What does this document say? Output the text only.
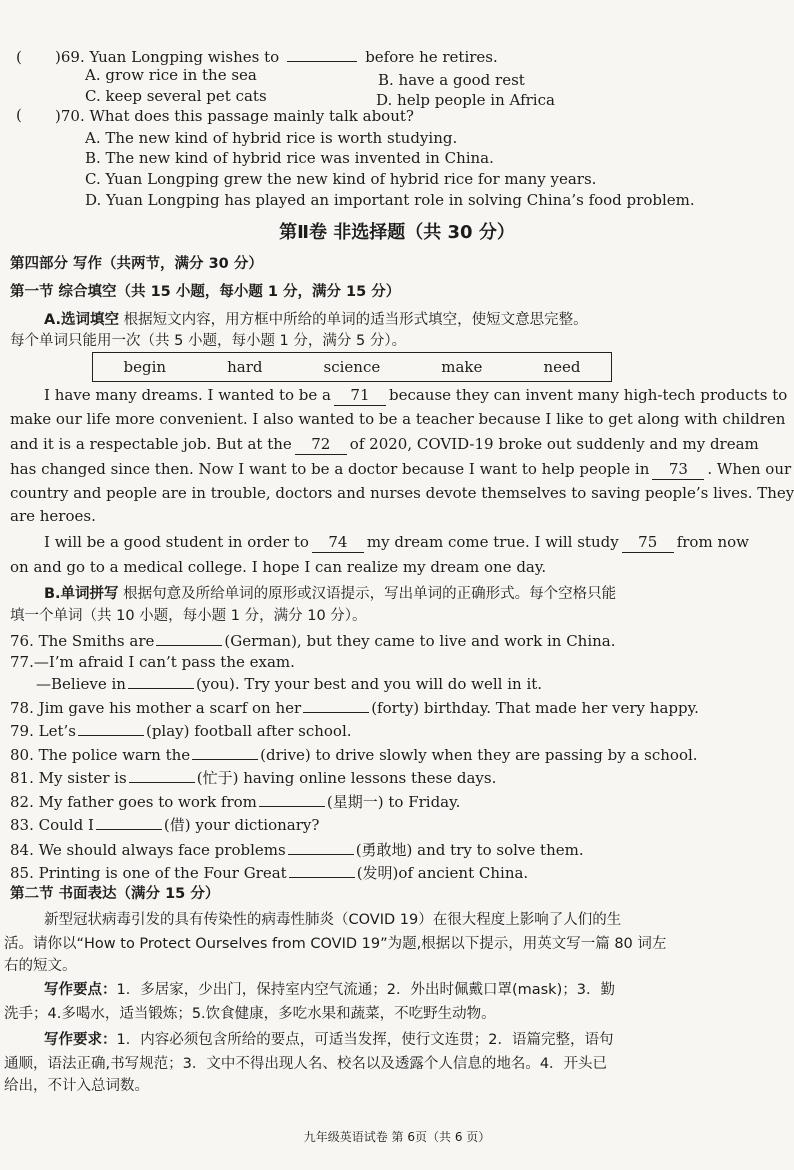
( )69. Yuan Longping wishes to	before he retires.
A. grow rice in the sea	B. have a good rest
C. keep several pet cats	D. help people in Africa
( )70. What does this passage mainly talk about?
A. The new kind of hybrid rice is worth studying.
B. The new kind of hybrid rice was invented in China.
C. Yuan Longping grew the new kind of hybrid rice for many years.
D. Yuan Longping has played an important role in solving China’s food problem.
第Ⅱ卷 非选择题（共 30 分）
第四部分 写作（共两节，满分 30 分）
第一节 综合填空（共 15 小题，每小题 1 分，满分 15 分）
A.选词填空 根据短文内容，用方框中所给的单词的适当形式填空，使短文意思完整。
每个单词只能用一次（共 5 小题，每小题 1 分，满分 5 分）。
begin	hard	science	make	need
I have many dreams. I wanted to be a 71 because they can invent many high-tech products to
make our life more convenient. I also wanted to be a teacher because I like to get along with children
and it is a respectable job. But at the 72 of 2020, COVID-19 broke out suddenly and my dream
has changed since then. Now I want to be a doctor because I want to help people in 73 . When our
country and people are in trouble, doctors and nurses devote themselves to saving people’s lives. They
are heroes.
I will be a good student in order to 74 my dream come true. I will study 75 from now
on and go to a medical college. I hope I can realize my dream one day.
B.单词拼写 根据句意及所给单词的原形或汉语提示，写出单词的正确形式。每个空格只能
填一个单词（共 10 小题，每小题 1 分，满分 10 分）。
76. The Smiths are	(German), but they came to live and work in China.
77.—I’m afraid I can’t pass the exam.
—Believe in	(you). Try your best and you will do well in it.
78. Jim gave his mother a scarf on her	(forty) birthday. That made her very happy.
79. Let’s	(play) football after school.
80. The police warn the	(drive) to drive slowly when they are passing by a school.
81. My sister is	(忙于) having online lessons these days.
82. My father goes to work from	(星期一) to Friday.
83. Could I	(借) your dictionary?
84. We should always face problems	(勇敢地) and try to solve them.
85. Printing is one of the Four Great	(发明)of ancient China.
第二节 书面表达（满分 15 分）
新型冠状病毒引发的具有传染性的病毒性肺炎（COVID 19）在很大程度上影响了人们的生
活。请你以“How to Protect Ourselves from COVID 19”为题,根据以下提示，用英文写一篇 80 词左
右的短文。
写作要点：1．多居家，少出门，保持室内空气流通；2．外出时佩戴口罩(mask)；3．勤
洗手；4.多喝水，适当锻炼；5.饮食健康，多吃水果和蔬菜，不吃野生动物。
写作要求：1．内容必须包含所给的要点，可适当发挥，使行文连贯；2．语篇完整，语句
通顺，语法正确,书写规范；3．文中不得出现人名、校名以及透露个人信息的地名。4．开头已
给出，不计入总词数。
九年级英语试卷 第 6页（共 6 页）
